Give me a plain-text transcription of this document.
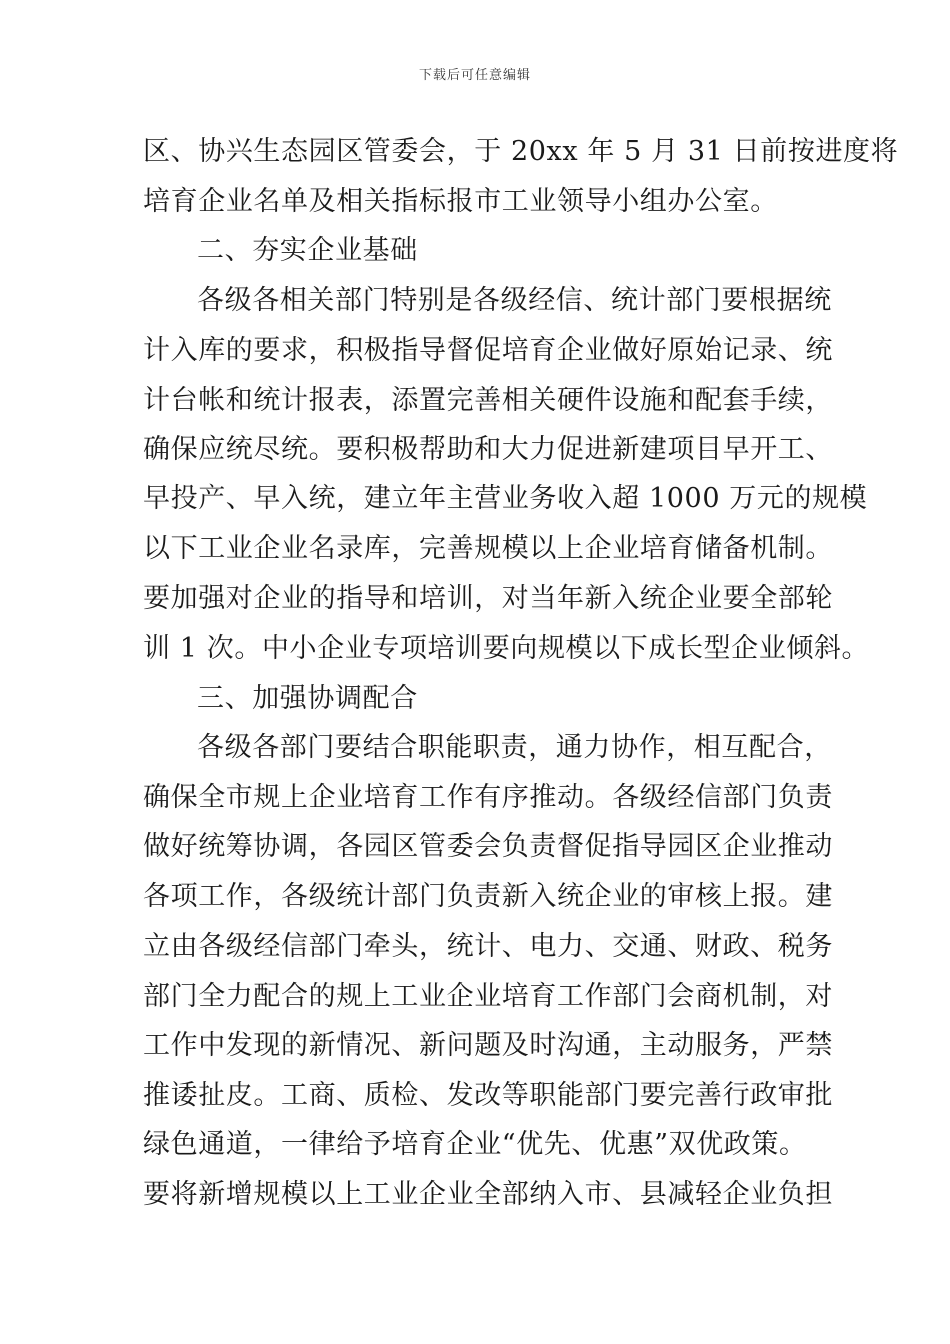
下载后可任意编辑
区、协兴生态园区管委会，于 20xx 年 5 月 31 日前按进度将
培育企业名单及相关指标报市工业领导小组办公室。
二、夯实企业基础
各级各相关部门特别是各级经信、统计部门要根据统
计入库的要求，积极指导督促培育企业做好原始记录、统
计台帐和统计报表，添置完善相关硬件设施和配套手续，
确保应统尽统。要积极帮助和大力促进新建项目早开工、
早投产、早入统，建立年主营业务收入超 1000 万元的规模
以下工业企业名录库，完善规模以上企业培育储备机制。
要加强对企业的指导和培训，对当年新入统企业要全部轮
训 1 次。中小企业专项培训要向规模以下成长型企业倾斜。
三、加强协调配合
各级各部门要结合职能职责，通力协作，相互配合，
确保全市规上企业培育工作有序推动。各级经信部门负责
做好统筹协调，各园区管委会负责督促指导园区企业推动
各项工作，各级统计部门负责新入统企业的审核上报。建
立由各级经信部门牵头，统计、电力、交通、财政、税务
部门全力配合的规上工业企业培育工作部门会商机制，对
工作中发现的新情况、新问题及时沟通，主动服务，严禁
推诿扯皮。工商、质检、发改等职能部门要完善行政审批
绿色通道，一律给予培育企业“优先、优惠”双优政策。
要将新增规模以上工业企业全部纳入市、县减轻企业负担
